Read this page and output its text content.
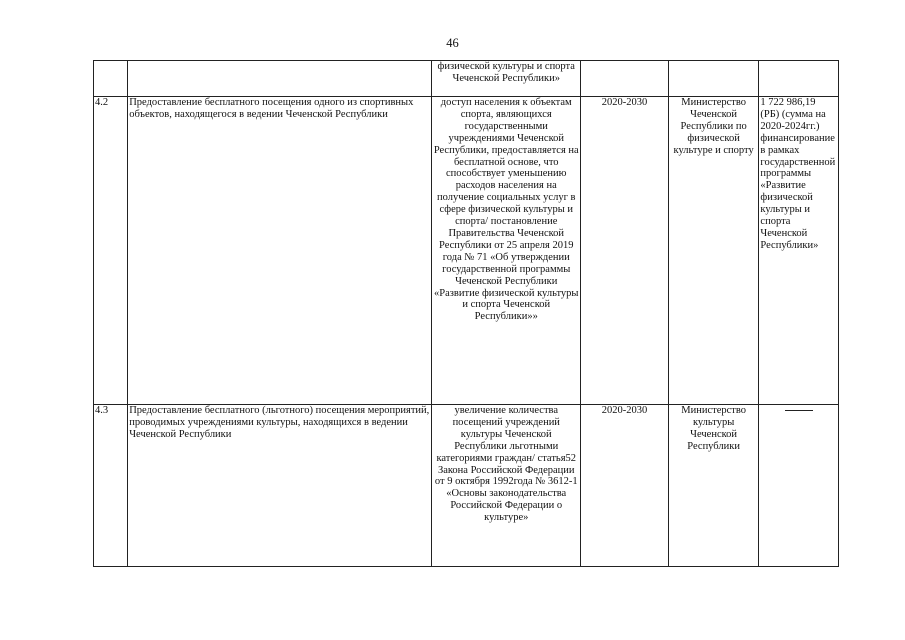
46
		физической культуры и спорта Чеченской Республики»			
4.2	Предоставление бесплатного посещения одного из спортивных объектов, находящегося в ведении Чеченской Республики	доступ населения к объектам спорта, являющихся государственными учреждениями Чеченской Республики, предоставляется на бесплатной основе, что способствует уменьшению расходов населения на получение социальных услуг в сфере физической культуры и спорта/ постановление Правительства Чеченской Республики от 25 апреля 2019 года № 71 «Об утверждении государственной программы Чеченской Республики «Развитие физической культуры и спорта Чеченской Республики»»	2020-2030	Министерство Чеченской Республики по физической культуре и спорту	1 722 986,19 (РБ) (сумма на 2020-2024гг.) финансирование в рамках государственной программы «Развитие физической культуры и спорта Чеченской Республики»
4.3	Предоставление бесплатного (льготного) посещения мероприятий, проводимых учреждениями культуры, находящихся в ведении Чеченской Республики	увеличение количества посещений учреждений культуры Чеченской Республики льготными категориями граждан/ статья52 Закона Российской Федерации от 9 октября 1992года № 3612-1 «Основы законодательства Российской Федерации о культуре»	2020-2030	Министерство культуры Чеченской Республики	
